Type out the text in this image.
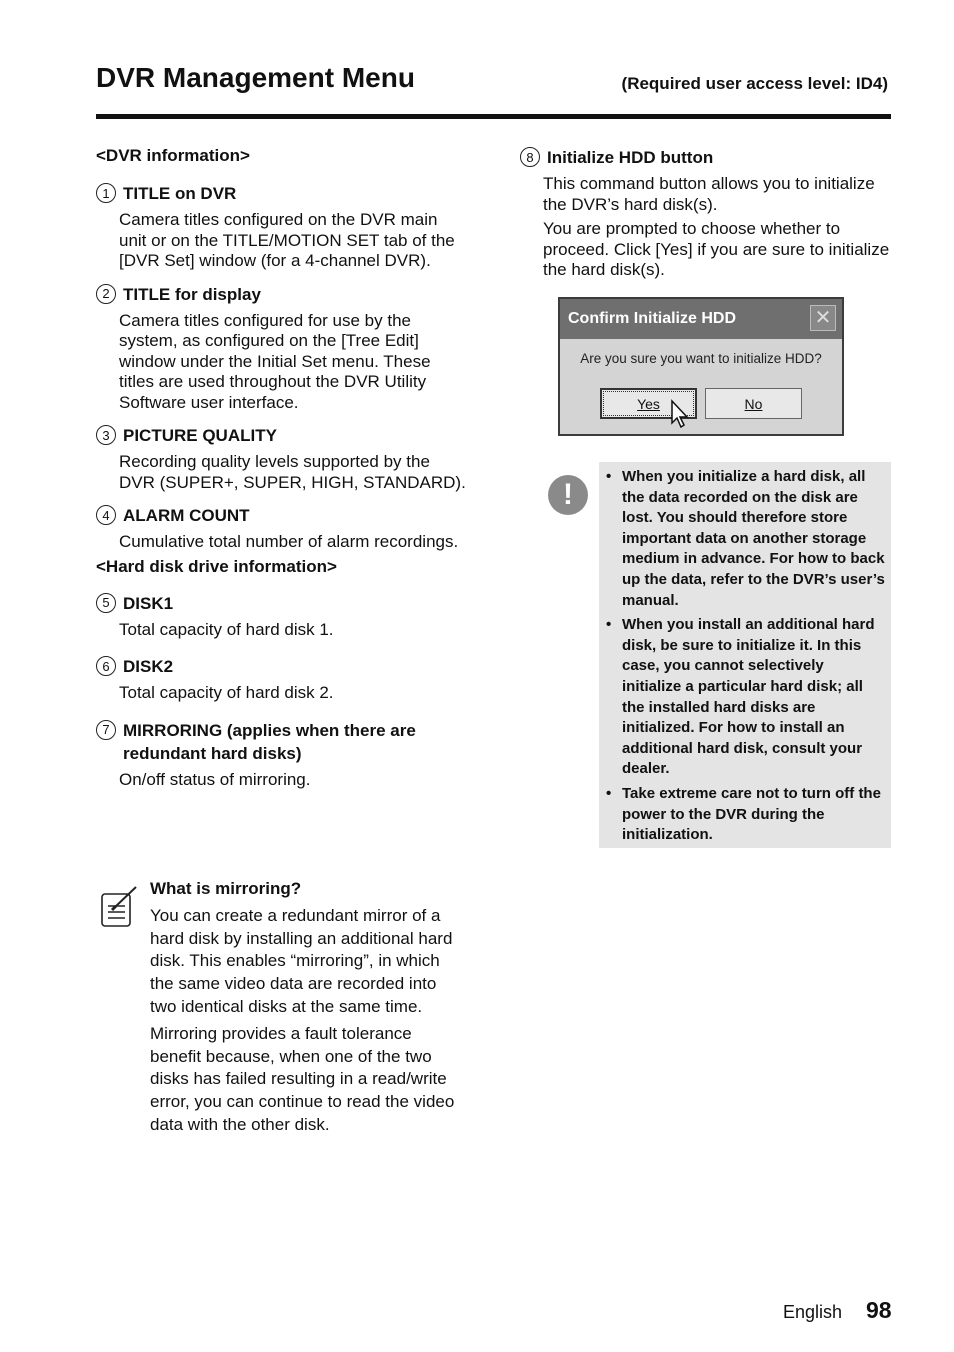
DVR Management Menu	(Required user access level: ID4)
<DVR information>
1 TITLE on DVR

Camera titles configured on the DVR main unit or on the TITLE/MOTION SET tab of the [DVR Set] window (for a 4-channel DVR).

2 TITLE for display

Camera titles configured for use by the system, as configured on the [Tree Edit] window under the Initial Set menu. These titles are used throughout the DVR Utility Software user interface.

3 PICTURE QUALITY

Recording quality levels supported by the DVR (SUPER+, SUPER, HIGH, STANDARD).

4 ALARM COUNT

Cumulative total number of alarm recordings.

<Hard disk drive information>
5 DISK1

Total capacity of hard disk 1.

6 DISK2

Total capacity of hard disk 2.

7 MIRRORING (applies when there are redundant hard disks)

On/off status of mirroring.

What is mirroring?

You can create a redundant mirror of a hard disk by installing an additional hard disk. This enables “mirroring”, in which the same video data are recorded into two identical disks at the same time.

Mirroring provides a fault tolerance benefit because, when one of the two disks has failed resulting in a read/write error, you can continue to read the video data with the other disk.

8 Initialize HDD button

This command button allows you to initialize the DVR’s hard disk(s).

You are prompted to choose whether to proceed. Click [Yes] if you are sure to initialize the hard disk(s).

Confirm Initialize HDD	✕
Are you sure you want to initialize HDD?
Yes	No
!
• When you initialize a hard disk, all the data recorded on the disk are lost. You should therefore store important data on another storage medium in advance. For how to back up the data, refer to the DVR’s user’s manual.
• When you install an additional hard disk, be sure to initialize it. In this case, you cannot selectively initialize a particular hard disk; all the installed hard disks are initialized. For how to install an additional hard disk, consult your dealer.
• Take extreme care not to turn off the power to the DVR during the initialization.
English 98
